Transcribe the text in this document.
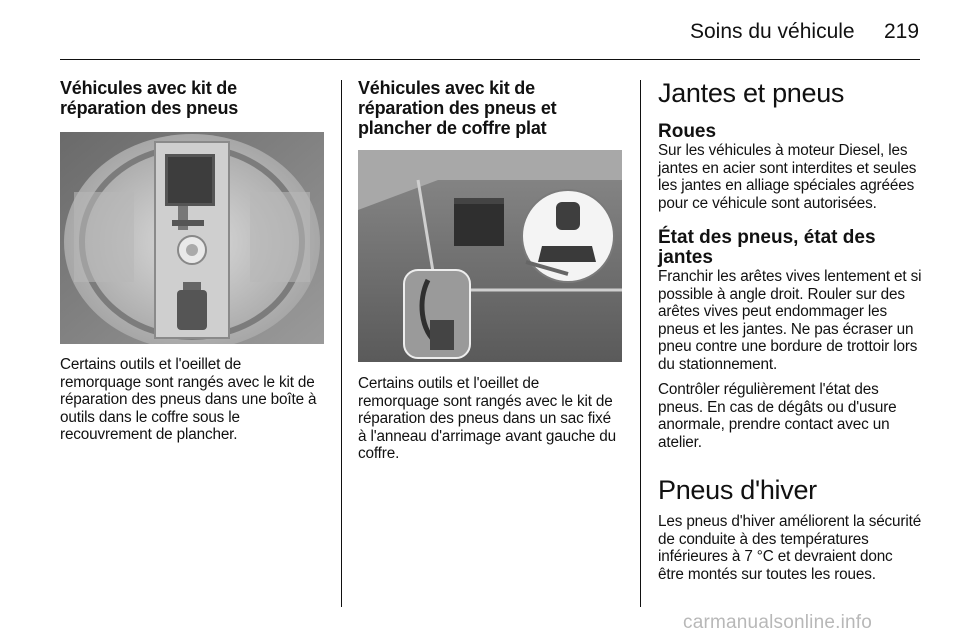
Soins du véhicule 219
Véhicules avec kit de réparation des pneus

Certains outils et l'oeillet de remorquage sont rangés avec le kit de réparation des pneus dans une boîte à outils dans le coffre sous le recouvrement de plancher.

Véhicules avec kit de réparation des pneus et plancher de coffre plat

Certains outils et l'oeillet de remorquage sont rangés avec le kit de réparation des pneus dans un sac fixé à l'anneau d'arrimage avant gauche du coffre.

Jantes et pneus
Roues

Sur les véhicules à moteur Diesel, les jantes en acier sont interdites et seules les jantes en alliage spéciales agréées pour ce véhicule sont autorisées.

État des pneus, état des jantes

Franchir les arêtes vives lentement et si possible à angle droit. Rouler sur des arêtes vives peut endommager les pneus et les jantes. Ne pas écraser un pneu contre une bordure de trottoir lors du stationnement.

Contrôler régulièrement l'état des pneus. En cas de dégâts ou d'usure anormale, prendre contact avec un atelier.

Pneus d'hiver

Les pneus d'hiver améliorent la sécurité de conduite à des températures inférieures à 7 °C et devraient donc être montés sur toutes les roues.

carmanualsonline.info
